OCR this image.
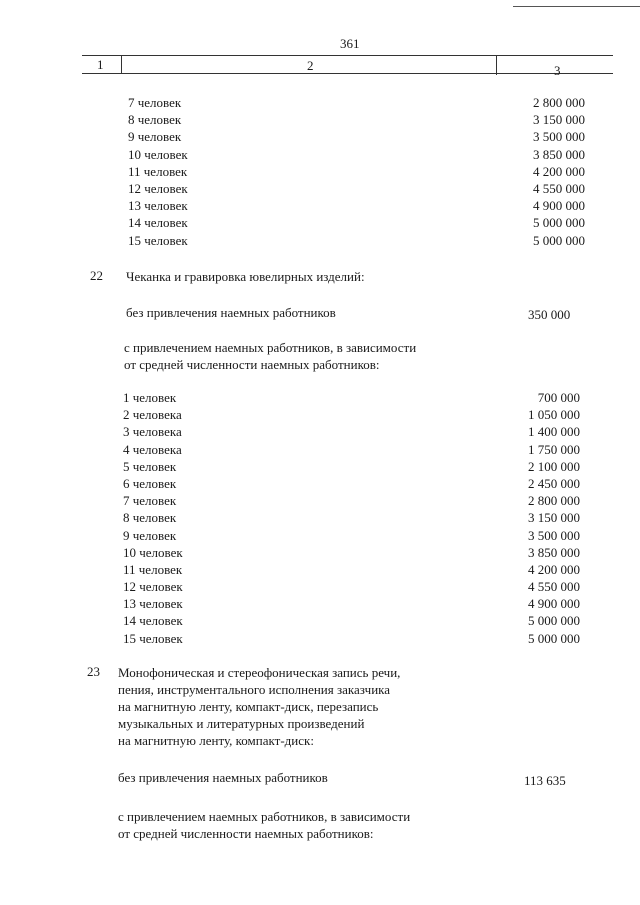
361
1	2	3
7 человек	2 800 000
8 человек	3 150 000
9 человек	3 500 000
10 человек	3 850 000
11 человек	4 200 000
12 человек	4 550 000
13 человек	4 900 000
14 человек	5 000 000
15 человек	5 000 000
22 Чеканка и гравировка ювелирных изделий:
без привлечения наемных работников	350 000
с привлечением наемных работников, в зависимости
от средней численности наемных работников:
1 человек	700 000
2 человека	1 050 000
3 человека	1 400 000
4 человека	1 750 000
5 человек	2 100 000
6 человек	2 450 000
7 человек	2 800 000
8 человек	3 150 000
9 человек	3 500 000
10 человек	3 850 000
11 человек	4 200 000
12 человек	4 550 000
13 человек	4 900 000
14 человек	5 000 000
15 человек	5 000 000
23 Монофоническая и стереофоническая запись речи,
пения, инструментального исполнения заказчика
на магнитную ленту, компакт-диск, перезапись
музыкальных и литературных произведений
на магнитную ленту, компакт-диск:
без привлечения наемных работников	113 635
с привлечением наемных работников, в зависимости
от средней численности наемных работников:
